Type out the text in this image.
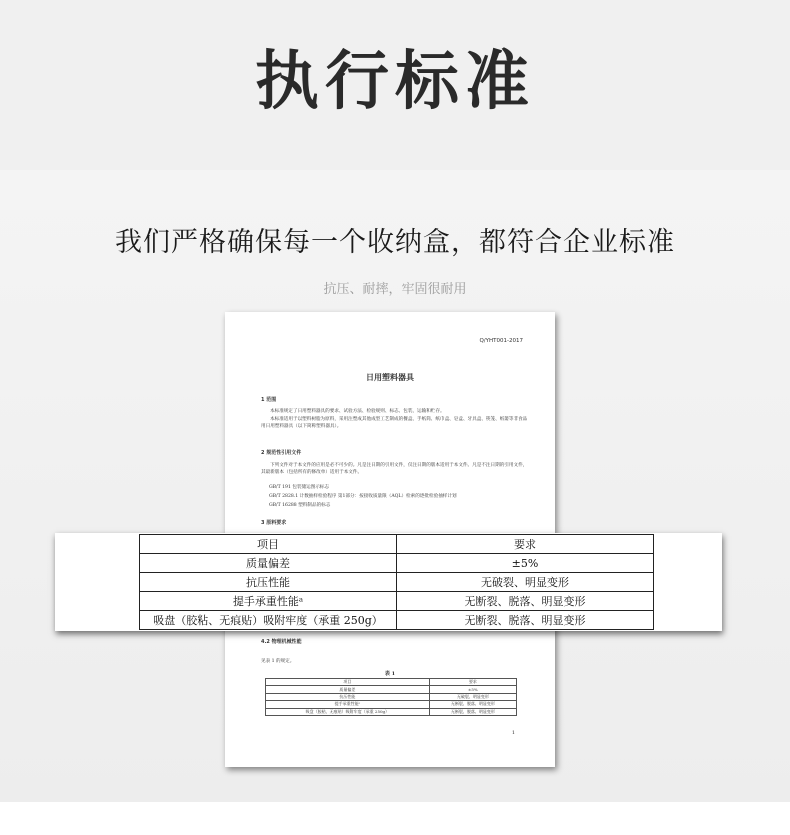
执行标准
我们严格确保每一个收纳盒，都符合企业标准
抗压、耐摔，牢固很耐用
Q/YHT001-2017
日用塑料器具
1 范围
本标准规定了日用塑料器具的要求、试验方法、检验规则、标志、包装、运输和贮存。
本标准适用于以塑料树脂为原料，采用注塑成其他成型工艺制成的餐盒、手纸筒、纸巾盒、皂盒、牙具盒、筷笼、纸篓等非食品用日用塑料器具（以下简称塑料器具）。
2 规范性引用文件
下列文件对于本文件的应用是必不可少的。凡是注日期的引用文件，仅注日期的版本适用于本文件。凡是不注日期的引用文件，其最新版本（包括所有的修改单）适用于本文件。
GB/T 191 包装储运图示标志
GB/T 2828.1 计数抽样检验程序 第1部分：按接收质量限（AQL）检索的逐批检验抽样计划
GB/T 16288 塑料制品的标志
3 原料要求
4.2 物理机械性能
见表 1 的规定。
表 1
项目	要求
质量偏差	±5%
抗压性能	无破裂、明显变形
提手承重性能ᵃ	无断裂、脱落、明显变形
吸盘（胶粘、无痕贴）吸附牢度（承重 250g）	无断裂、脱落、明显变形
1
项目	要求
质量偏差	±5%
抗压性能	无破裂、明显变形
提手承重性能ᵃ	无断裂、脱落、明显变形
吸盘（胶粘、无痕贴）吸附牢度（承重 250g）	无断裂、脱落、明显变形
